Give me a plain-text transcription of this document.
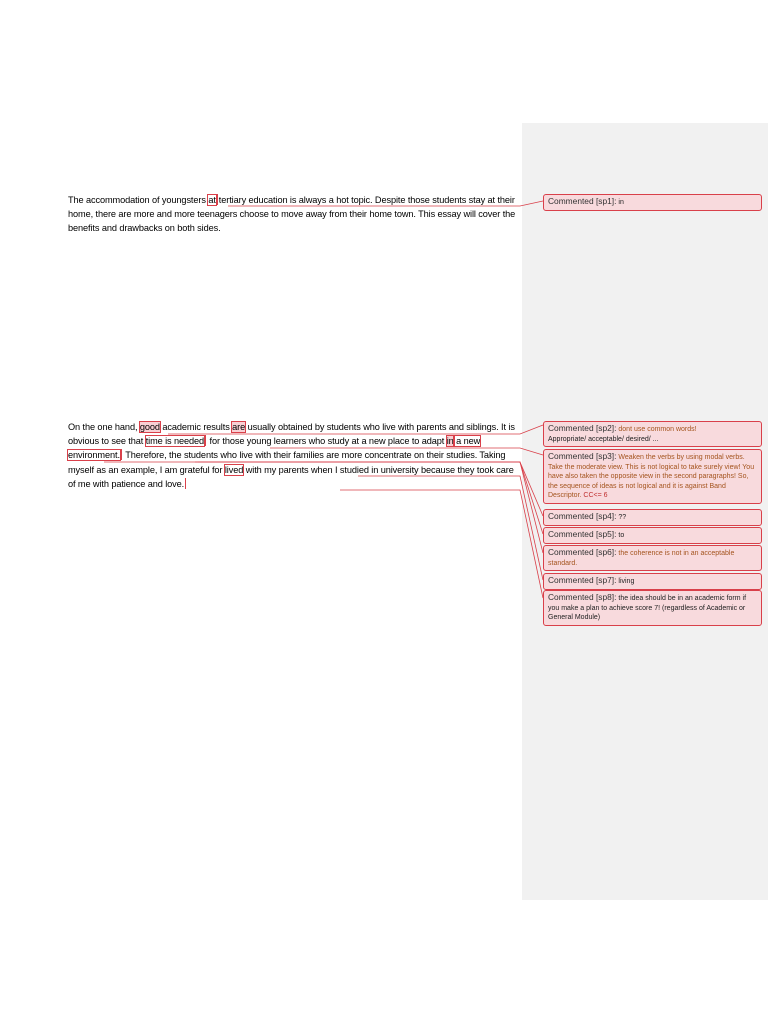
The accommodation of youngsters at tertiary education is always a hot topic. Despite those students stay at their home, there are more and more teenagers choose to move away from their home town. This essay will cover the benefits and drawbacks on both sides.

On the one hand, good academic results are usually obtained by students who live with parents and siblings. It is obvious to see that time is needed for those young learners who study at a new place to adapt in a new environment. Therefore, the students who live with their families are more concentrate on their studies. Taking myself as an example, I am grateful for lived with my parents when I studied in university because they took care of me with patience and love.

Commented [sp1]: in
Commented [sp2]: dont use common words!
Appropriate/ acceptable/ desired/ ...
Commented [sp3]: Weaken the verbs by using modal verbs. Take the moderate view. This is not logical to take surely view! You have also taken the opposite view in the second paragraphs! So, the sequence of ideas is not logical and it is against Band Descriptor. CC<= 6
Commented [sp4]: ??
Commented [sp5]: to
Commented [sp6]: the coherence is not in an acceptable standard.
Commented [sp7]: living
Commented [sp8]: the idea should be in an academic form if you make a plan to achieve score 7! (regardless of Academic or General Module)
